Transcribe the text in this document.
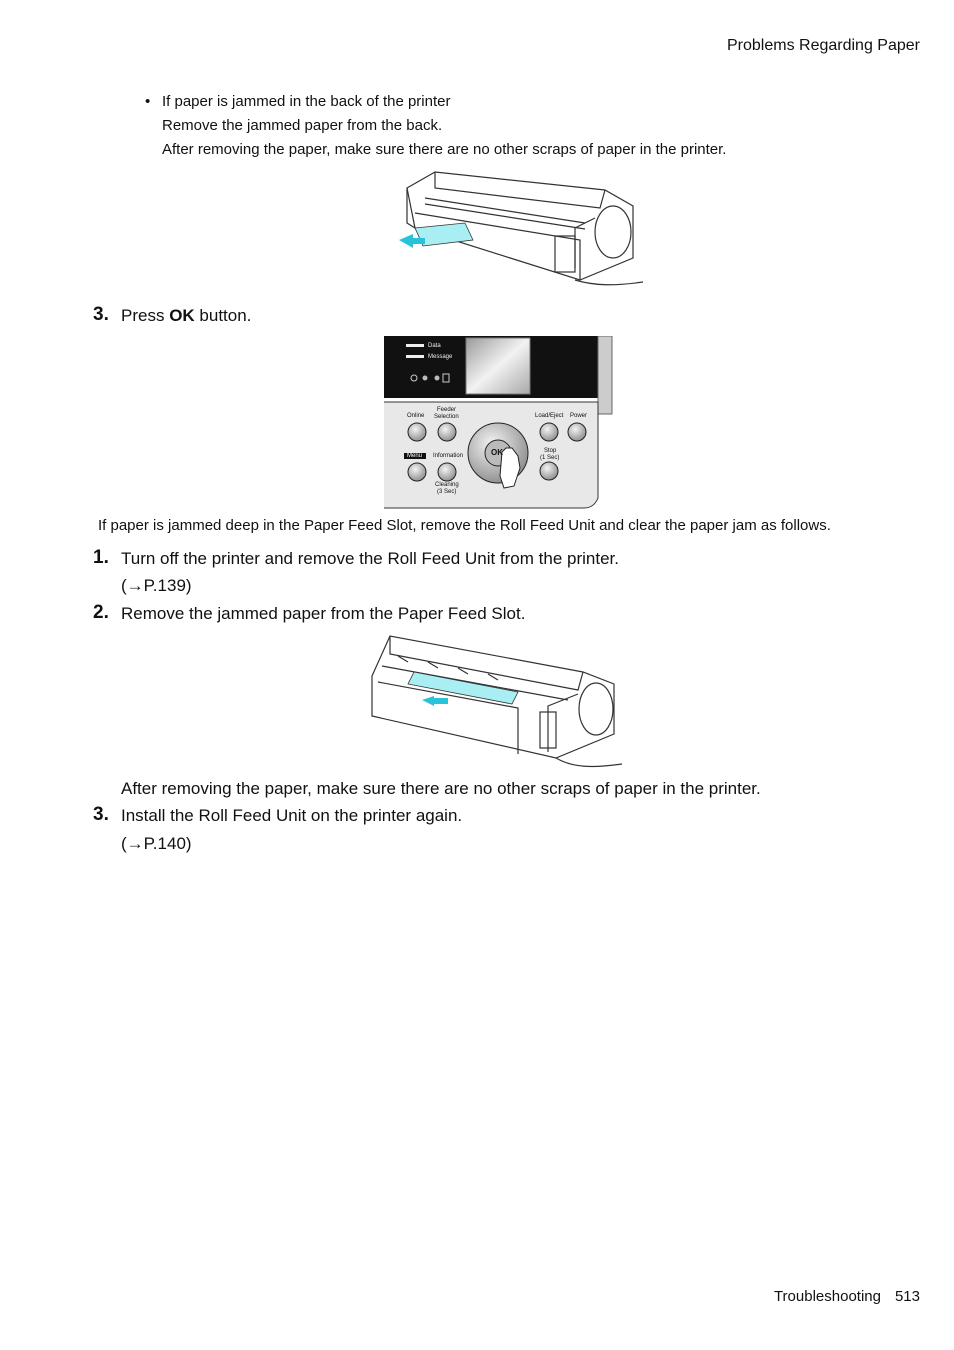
Problems Regarding Paper
• If paper is jammed in the back of the printer
Remove the jammed paper from the back.
After removing the paper, make sure there are no other scraps of paper in the printer.
3. Press OK button.
Data
Message
Online
Feeder
Selection	Load/Eject Power
Menu Information
Cleaning
(3 Sec)
Stop
(1 Sec)
OK
If paper is jammed deep in the Paper Feed Slot, remove the Roll Feed Unit and clear the paper jam as follows.
1. Turn off the printer and remove the Roll Feed Unit from the printer.
(→P.139)
2. Remove the jammed paper from the Paper Feed Slot.
After removing the paper, make sure there are no other scraps of paper in the printer.
3. Install the Roll Feed Unit on the printer again.
(→P.140)
Troubleshooting 513
